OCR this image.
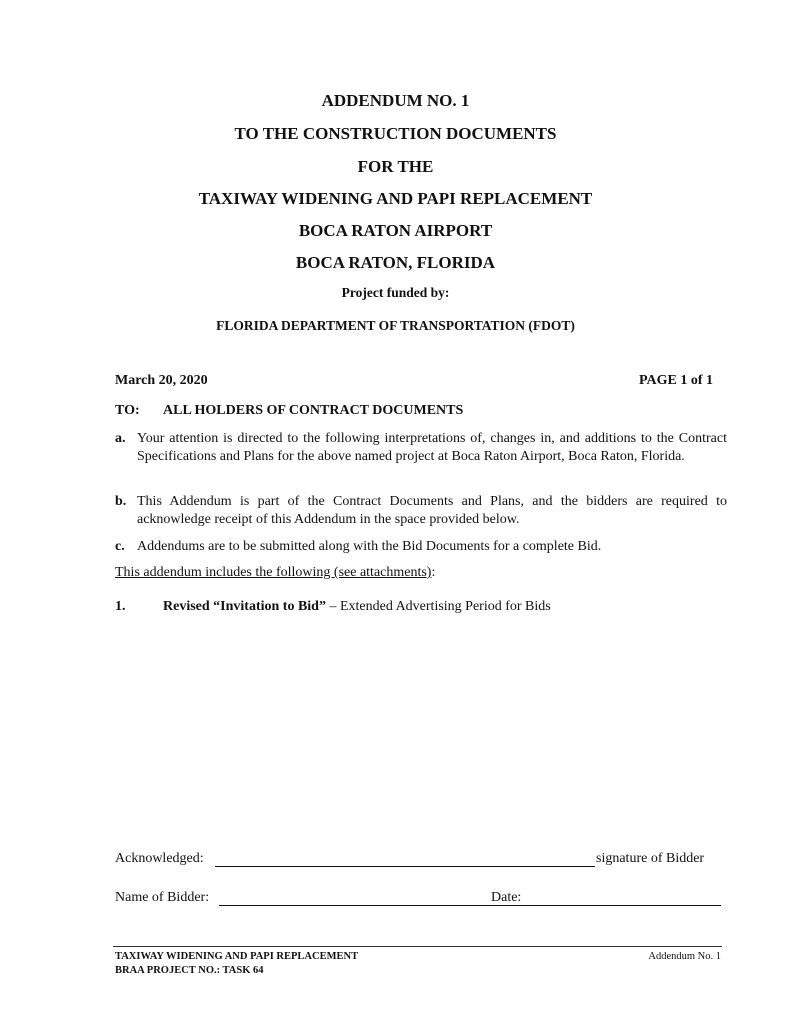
ADDENDUM NO. 1
TO THE CONSTRUCTION DOCUMENTS
FOR THE
TAXIWAY WIDENING AND PAPI REPLACEMENT
BOCA RATON AIRPORT
BOCA RATON, FLORIDA
Project funded by:
FLORIDA DEPARTMENT OF TRANSPORTATION (FDOT)
March 20, 2020	PAGE 1 of 1
TO: ALL HOLDERS OF CONTRACT DOCUMENTS
a. Your attention is directed to the following interpretations of, changes in, and additions to the Contract Specifications and Plans for the above named project at Boca Raton Airport, Boca Raton, Florida.
b. This Addendum is part of the Contract Documents and Plans, and the bidders are required to acknowledge receipt of this Addendum in the space provided below.
c. Addendums are to be submitted along with the Bid Documents for a complete Bid.
This addendum includes the following (see attachments):
1.	Revised “Invitation to Bid” – Extended Advertising Period for Bids
Acknowledged:	signature of Bidder
Name of Bidder:	Date:
TAXIWAY WIDENING AND PAPI REPLACEMENT
BRAA PROJECT NO.: TASK 64
Addendum No. 1
